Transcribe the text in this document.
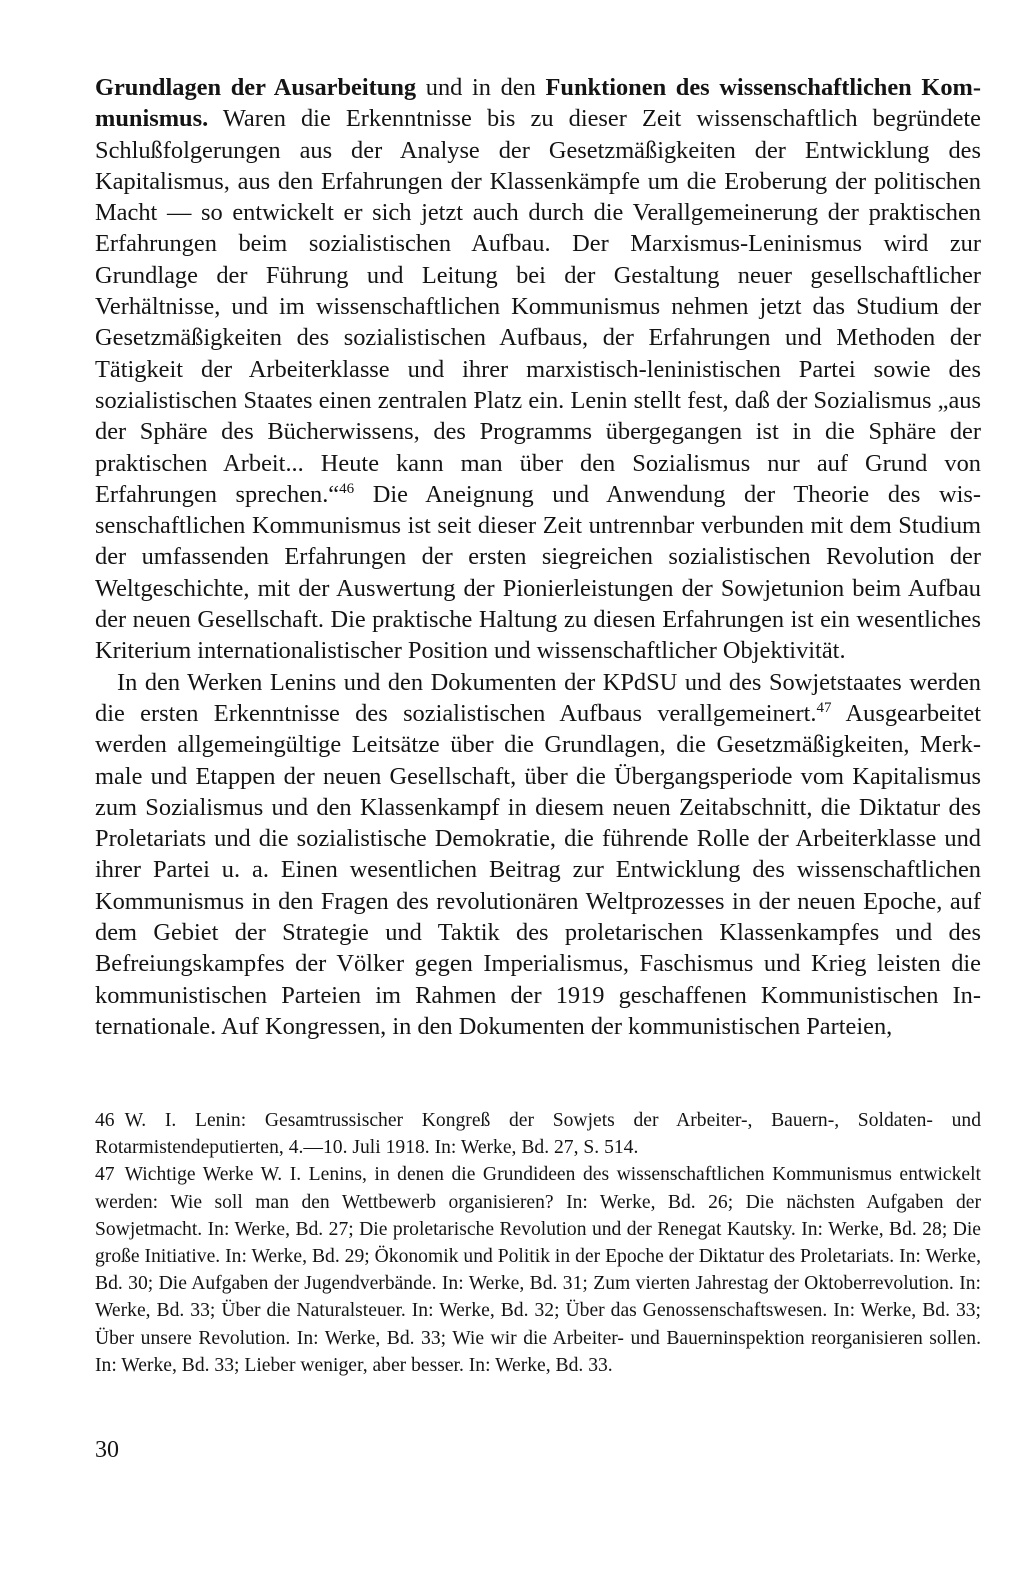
Grundlagen der Ausarbeitung und in den Funktionen des wissenschaftlichen Kommunismus. Waren die Erkenntnisse bis zu dieser Zeit wissenschaftlich begründete Schlußfolgerungen aus der Analyse der Gesetzmäßigkeiten der Entwicklung des Kapitalismus, aus den Erfahrungen der Klassenkämpfe um die Eroberung der politischen Macht — so entwickelt er sich jetzt auch durch die Verallgemeinerung der praktischen Erfahrungen beim sozialistischen Aufbau. Der Marxismus-Leninismus wird zur Grundlage der Führung und Leitung bei der Gestaltung neuer gesellschaftlicher Verhältnisse, und im wissenschaftlichen Kommunismus nehmen jetzt das Studium der Gesetzmäßigkeiten des sozialistischen Aufbaus, der Erfahrungen und Methoden der Tätigkeit der Arbeiterklasse und ihrer marxistisch-leninistischen Partei sowie des sozialistischen Staates einen zentralen Platz ein. Lenin stellt fest, daß der Sozialismus „aus der Sphäre des Bücherwissens, des Programms übergegangen ist in die Sphäre der praktischen Arbeit... Heute kann man über den Sozialismus nur auf Grund von Erfahrungen sprechen.“$^{46}$ Die Aneignung und Anwendung der Theorie des wissenschaftlichen Kommunismus ist seit dieser Zeit untrennbar verbunden mit dem Studium der umfassenden Erfahrungen der ersten siegreichen sozialistischen Revolution der Weltgeschichte, mit der Auswertung der Pionierleistungen der Sowjetunion beim Aufbau der neuen Gesellschaft. Die praktische Haltung zu diesen Erfahrungen ist ein wesentliches Kriterium internationalistischer Position und wissenschaftlicher Objektivität.

In den Werken Lenins und den Dokumenten der KPdSU und des Sowjetstaates werden die ersten Erkenntnisse des sozialistischen Aufbaus verallgemeinert.$^{47}$ Ausgearbeitet werden allgemeingültige Leitsätze über die Grundlagen, die Gesetzmäßigkeiten, Merkmale und Etappen der neuen Gesellschaft, über die Übergangsperiode vom Kapitalismus zum Sozialismus und den Klassenkampf in diesem neuen Zeitabschnitt, die Diktatur des Proletariats und die sozialistische Demokratie, die führende Rolle der Arbeiterklasse und ihrer Partei u. a. Einen wesentlichen Beitrag zur Entwicklung des wissenschaftlichen Kommunismus in den Fragen des revolutionären Weltprozesses in der neuen Epoche, auf dem Gebiet der Strategie und Taktik des proletarischen Klassenkampfes und des Befreiungskampfes der Völker gegen Imperialismus, Faschismus und Krieg leisten die kommunistischen Parteien im Rahmen der 1919 geschaffenen Kommunistischen Internationale. Auf Kongressen, in den Dokumenten der kommunistischen Parteien,

46 W. I. Lenin: Gesamtrussischer Kongreß der Sowjets der Arbeiter-, Bauern-, Soldaten- und Rotarmistendeputierten, 4.—10. Juli 1918. In: Werke, Bd. 27, S. 514.

47 Wichtige Werke W. I. Lenins, in denen die Grundideen des wissenschaftlichen Kommunismus entwickelt werden: Wie soll man den Wettbewerb organisieren? In: Werke, Bd. 26; Die nächsten Aufgaben der Sowjetmacht. In: Werke, Bd. 27; Die proletarische Revolution und der Renegat Kautsky. In: Werke, Bd. 28; Die große Initiative. In: Werke, Bd. 29; Ökonomik und Politik in der Epoche der Diktatur des Proletariats. In: Werke, Bd. 30; Die Aufgaben der Jugendverbände. In: Werke, Bd. 31; Zum vierten Jahrestag der Oktoberrevolution. In: Werke, Bd. 33; Über die Naturalsteuer. In: Werke, Bd. 32; Über das Genossenschaftswesen. In: Werke, Bd. 33; Über unsere Revolution. In: Werke, Bd. 33; Wie wir die Arbeiter- und Bauerninspektion reorganisieren sollen. In: Werke, Bd. 33; Lieber weniger, aber besser. In: Werke, Bd. 33.

30
